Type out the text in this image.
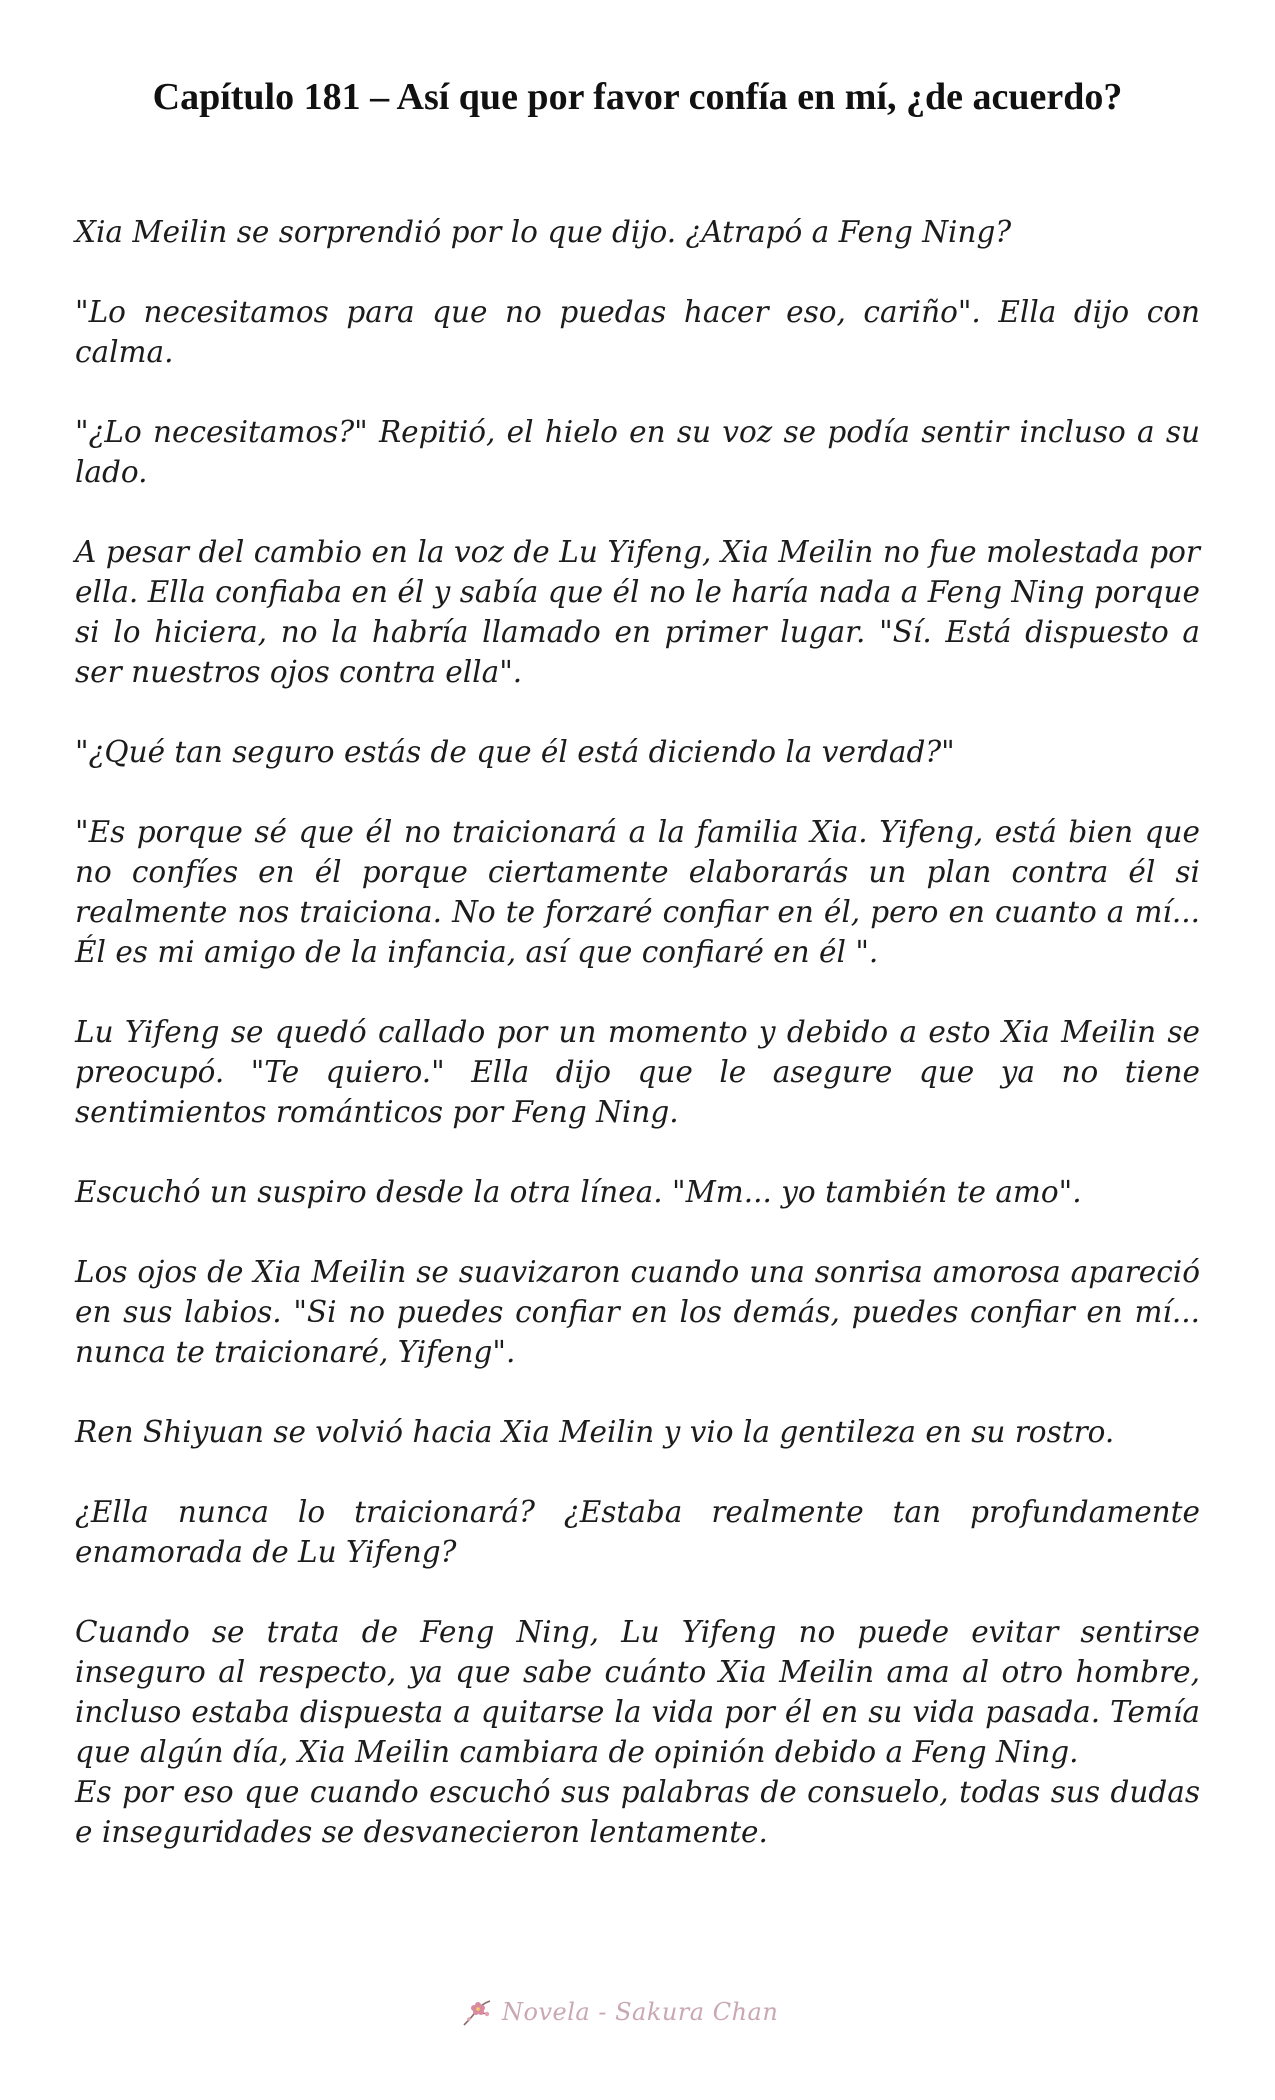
Capítulo 181 – Así que por favor confía en mí, ¿de acuerdo?

Xia Meilin se sorprendió por lo que dijo. ¿Atrapó a Feng Ning?

"Lo necesitamos para que no puedas hacer eso, cariño". Ella dijo con calma.

"¿Lo necesitamos?" Repitió, el hielo en su voz se podía sentir incluso a su lado.

A pesar del cambio en la voz de Lu Yifeng, Xia Meilin no fue molestada por ella. Ella confiaba en él y sabía que él no le haría nada a Feng Ning porque si lo hiciera, no la habría llamado en primer lugar. "Sí. Está dispuesto a ser nuestros ojos contra ella".

"¿Qué tan seguro estás de que él está diciendo la verdad?"

"Es porque sé que él no traicionará a la familia Xia. Yifeng, está bien que no confíes en él porque ciertamente elaborarás un plan contra él si realmente nos traiciona. No te forzaré confiar en él, pero en cuanto a mí... Él es mi amigo de la infancia, así que confiaré en él ".

Lu Yifeng se quedó callado por un momento y debido a esto Xia Meilin se preocupó. "Te quiero." Ella dijo que le asegure que ya no tiene sentimientos románticos por Feng Ning.

Escuchó un suspiro desde la otra línea. "Mm... yo también te amo".

Los ojos de Xia Meilin se suavizaron cuando una sonrisa amorosa apareció en sus labios. "Si no puedes confiar en los demás, puedes confiar en mí... nunca te traicionaré, Yifeng".

Ren Shiyuan se volvió hacia Xia Meilin y vio la gentileza en su rostro.

¿Ella nunca lo traicionará? ¿Estaba realmente tan profundamente enamorada de Lu Yifeng?

Cuando se trata de Feng Ning, Lu Yifeng no puede evitar sentirse inseguro al respecto, ya que sabe cuánto Xia Meilin ama al otro hombre, incluso estaba dispuesta a quitarse la vida por él en su vida pasada. Temía que algún día, Xia Meilin cambiara de opinión debido a Feng Ning.

Es por eso que cuando escuchó sus palabras de consuelo, todas sus dudas e inseguridades se desvanecieron lentamente.

Novela - Sakura Chan
